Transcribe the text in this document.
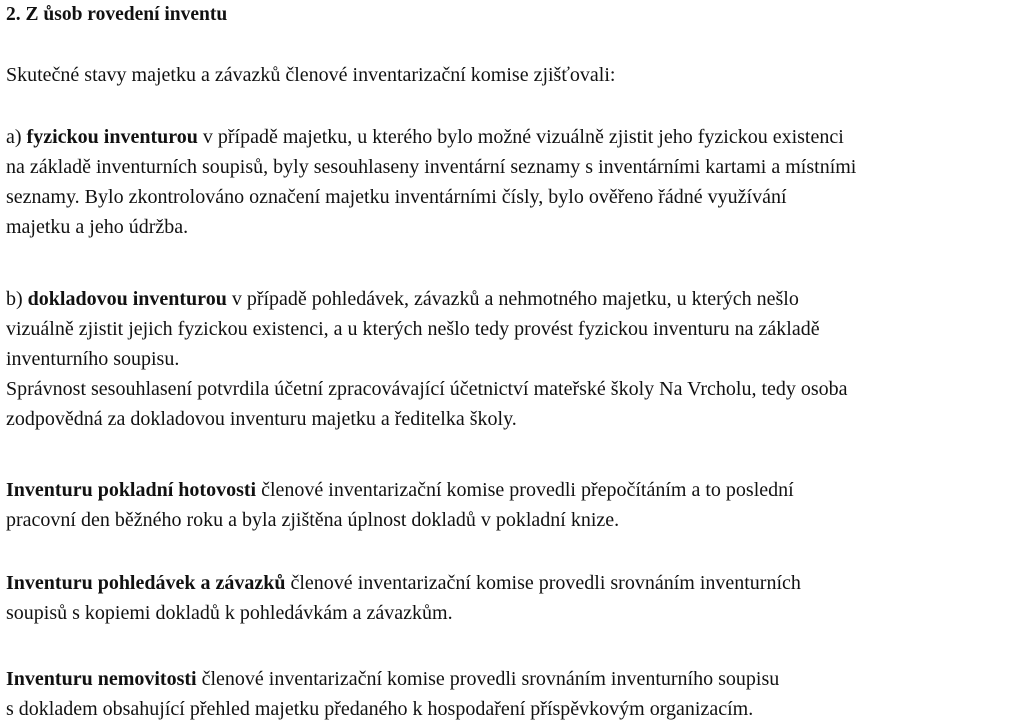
2. Z ůsob rovedení inventu
Skutečné stavy majetku a závazků členové inventarizační komise zjišťovali:
a) fyzickou inventurou v případě majetku, u kterého bylo možné vizuálně zjistit jeho fyzickou existenci
na základě inventurních soupisů, byly sesouhlaseny inventární seznamy s inventárními kartami a místními
seznamy. Bylo zkontrolováno označení majetku inventárními čísly, bylo ověřeno řádné využívání
majetku a jeho údržba.
b) dokladovou inventurou v případě pohledávek, závazků a nehmotného majetku, u kterých nešlo
vizuálně zjistit jejich fyzickou existenci, a u kterých nešlo tedy provést fyzickou inventuru na základě
inventurního soupisu.
Správnost sesouhlasení potvrdila účetní zpracovávající účetnictví mateřské školy Na Vrcholu, tedy osoba
zodpovědná za dokladovou inventuru majetku a ředitelka školy.
Inventuru pokladní hotovosti členové inventarizační komise provedli přepočítáním a to poslední
pracovní den běžného roku a byla zjištěna úplnost dokladů v pokladní knize.
Inventuru pohledávek a závazků členové inventarizační komise provedli srovnáním inventurních
soupisů s kopiemi dokladů k pohledávkám a závazkům.
Inventuru nemovitosti členové inventarizační komise provedli srovnáním inventurního soupisu
s dokladem obsahující přehled majetku předaného k hospodaření příspěvkovým organizacím.
